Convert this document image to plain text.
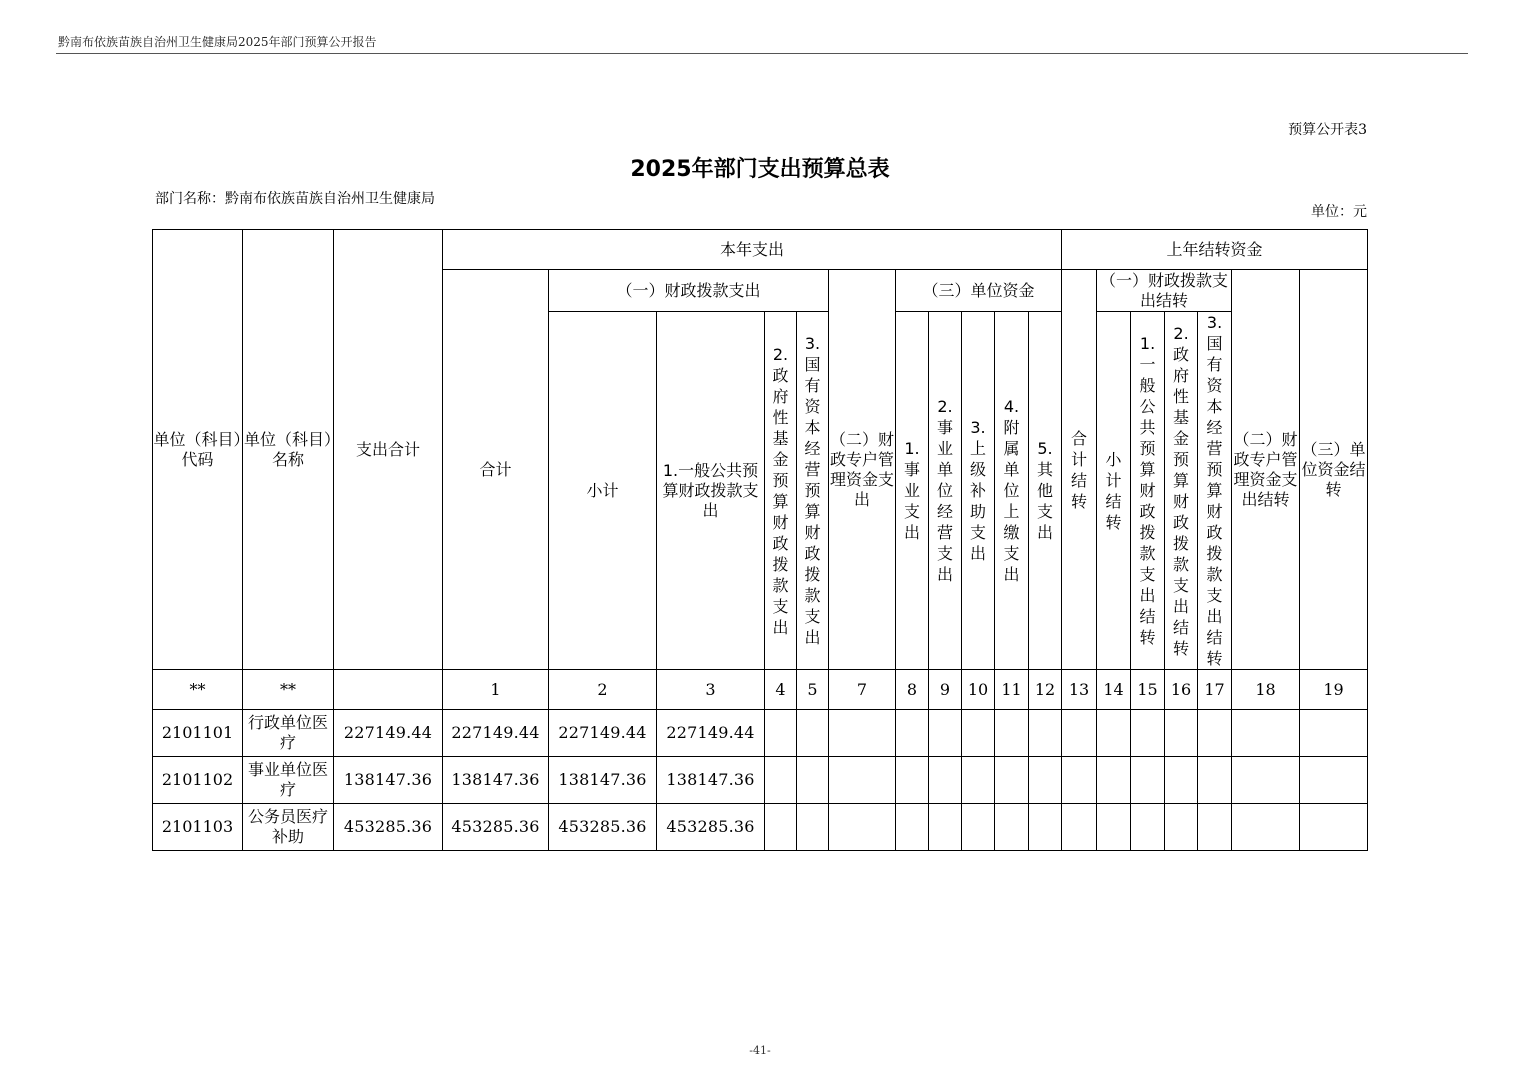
黔南布依族苗族自治州卫生健康局2025年部门预算公开报告
预算公开表3
2025年部门支出预算总表
部门名称：黔南布依族苗族自治州卫生健康局
单位：元
单位（科目）代码	单位（科目）名称	支出合计	本年支出											上年结转资金						
			合计	（一）财政拨款支出				（二）财政专户管理资金支出	（三）单位资金					合计结转	（一）财政拨款支出结转				（二）财政专户管理资金支出结转	（三）单位资金结转
				小计	1.一般公共预算财政拨款支出	2.政府性基金预算财政拨款支出	3.国有资本经营预算财政拨款支出		1.事业支出	2.事业单位经营支出	3.上级补助支出	4.附属单位上缴支出	5.其他支出		小计结转	1.一般公共预算财政拨款支出结转	2.政府性基金预算财政拨款支出结转	3.国有资本经营预算财政拨款支出结转		

**	**		1	2	3	4	5	7	8	9	10	11	12	13	14	15	16	17	18	19
2101101	行政单位医疗	227149.44	227149.44	227149.44	227149.44															
2101102	事业单位医疗	138147.36	138147.36	138147.36	138147.36															
2101103	公务员医疗补助	453285.36	453285.36	453285.36	453285.36															
-41-
